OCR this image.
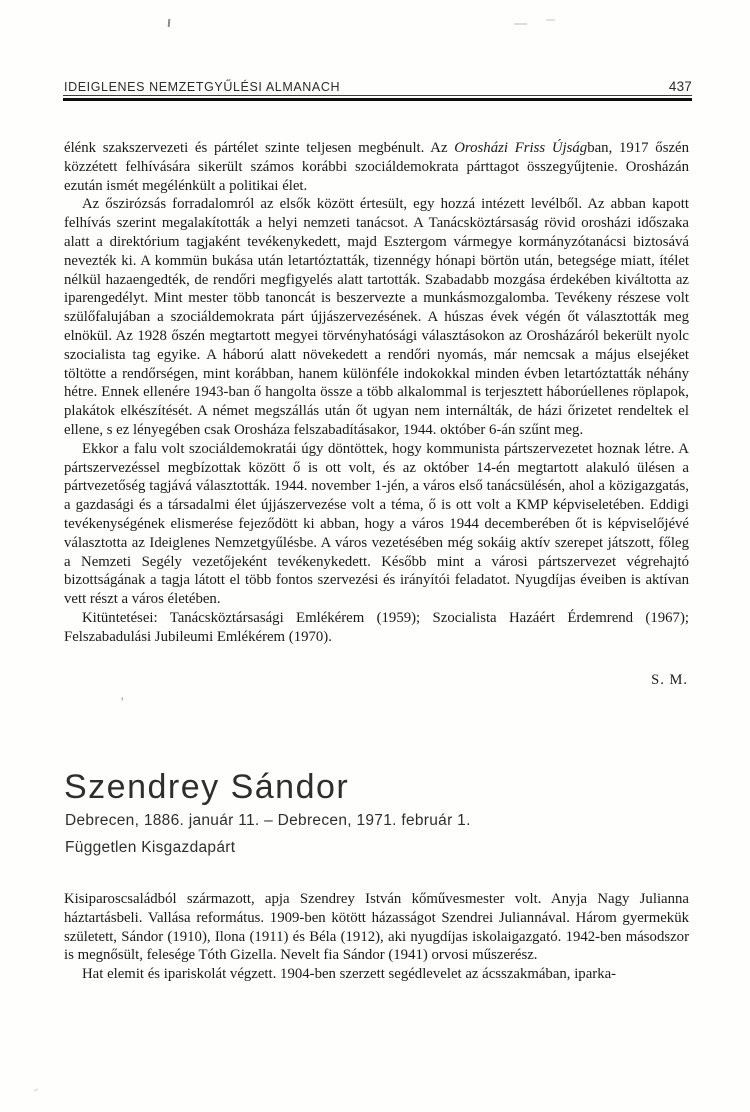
IDEIGLENES NEMZETGYŰLÉSI ALMANACH	437

élénk szakszervezeti és pártélet szinte teljesen megbénult. Az Orosházi Friss Újságban, 1917 őszén közzétett felhívására sikerült számos korábbi szociáldemokrata párttagot összegyűjtenie. Orosházán ezután ismét megélénkült a politikai élet.

Az őszirózsás forradalomról az elsők között értesült, egy hozzá intézett levélből. Az abban kapott felhívás szerint megalakították a helyi nemzeti tanácsot. A Tanácsköztársaság rövid orosházi időszaka alatt a direktórium tagjaként tevékenykedett, majd Esztergom vármegye kormányzótanácsi biztosává nevezték ki. A kommün bukása után letartóztatták, tizennégy hónapi börtön után, betegsége miatt, ítélet nélkül hazaengedték, de rendőri megfigyelés alatt tartották. Szabadabb mozgása érdekében kiváltotta az iparengedélyt. Mint mester több tanoncát is beszervezte a munkásmozgalomba. Tevékeny részese volt szülőfalujában a szociáldemokrata párt újjászervezésének. A húszas évek végén őt választották meg elnökül. Az 1928 őszén megtartott megyei törvényhatósági választásokon az Orosházáról bekerült nyolc szocialista tag egyike. A háború alatt növekedett a rendőri nyomás, már nemcsak a május elsejéket töltötte a rendőrségen, mint korábban, hanem különféle indokokkal minden évben letartóztatták néhány hétre. Ennek ellenére 1943-ban ő hangolta össze a több alkalommal is terjesztett háborúellenes röplapok, plakátok elkészítését. A német megszállás után őt ugyan nem internálták, de házi őrizetet rendeltek el ellene, s ez lényegében csak Orosháza felszabadításakor, 1944. október 6-án szűnt meg.

Ekkor a falu volt szociáldemokratái úgy döntöttek, hogy kommunista pártszervezetet hoznak létre. A pártszervezéssel megbízottak között ő is ott volt, és az október 14-én megtartott alakuló ülésen a pártvezetőség tagjává választották. 1944. november 1-jén, a város első tanácsülésén, ahol a közigazgatás, a gazdasági és a társadalmi élet újjászervezése volt a téma, ő is ott volt a KMP képviseletében. Eddigi tevékenységének elismerése fejeződött ki abban, hogy a város 1944 decemberében őt is képviselőjévé választotta az Ideiglenes Nemzetgyűlésbe. A város vezetésében még sokáig aktív szerepet játszott, főleg a Nemzeti Segély vezetőjeként tevékenykedett. Később mint a városi pártszervezet végrehajtó bizottságának a tagja látott el több fontos szervezési és irányítói feladatot. Nyugdíjas éveiben is aktívan vett részt a város életében.

Kitüntetései: Tanácsköztársasági Emlékérem (1959); Szocialista Hazáért Érdemrend (1967); Felszabadulási Jubileumi Emlékérem (1970).

S. M.
Szendrey Sándor
Debrecen, 1886. január 11. – Debrecen, 1971. február 1.
Független Kisgazdapárt

Kisiparoscsaládból származott, apja Szendrey István kőművesmester volt. Anyja Nagy Julianna háztartásbeli. Vallása református. 1909-ben kötött házasságot Szendrei Juliannával. Három gyermekük született, Sándor (1910), Ilona (1911) és Béla (1912), aki nyugdíjas iskolaigazgató. 1942-ben másodszor is megnősült, felesége Tóth Gizella. Nevelt fia Sándor (1941) orvosi műszerész.

Hat elemit és ipariskolát végzett. 1904-ben szerzett segédlevelet az ácsszakmában, iparka-

’
